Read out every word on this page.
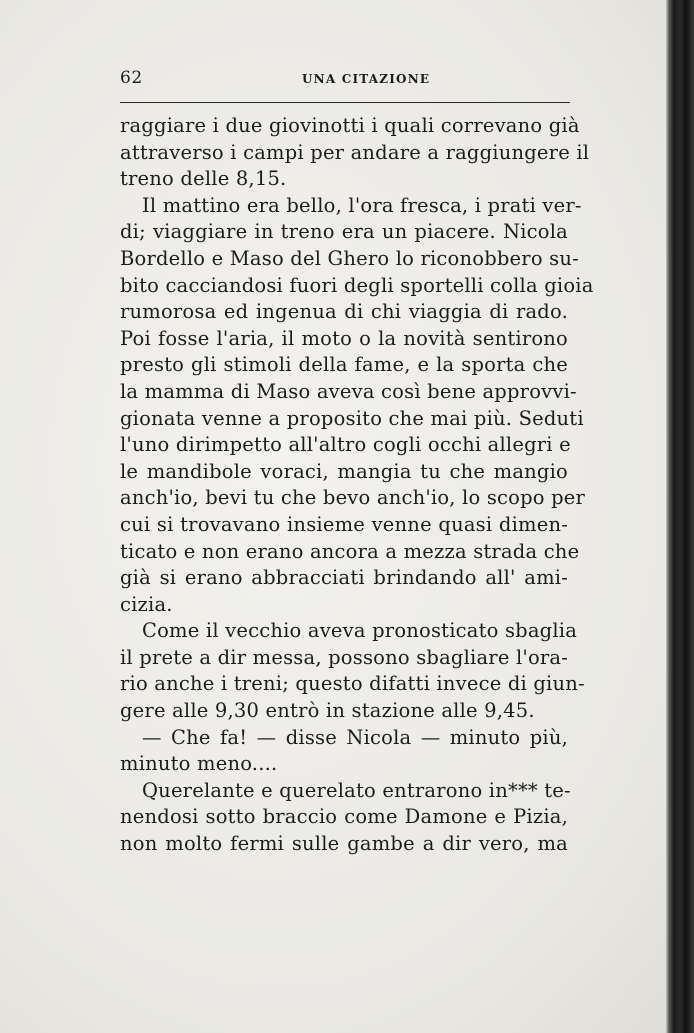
62	UNA CITAZIONE
raggiare i due giovinotti i quali correvano già
attraverso i campi per andare a raggiungere il
treno delle 8,15.
Il mattino era bello, l'ora fresca, i prati ver-
di; viaggiare in treno era un piacere. Nicola
Bordello e Maso del Ghero lo riconobbero su-
bito cacciandosi fuori degli sportelli colla gioia
rumorosa ed ingenua di chi viaggia di rado.
Poi fosse l'aria, il moto o la novità sentirono
presto gli stimoli della fame, e la sporta che
la mamma di Maso aveva così bene approvvi-
gionata venne a proposito che mai più. Seduti
l'uno dirimpetto all'altro cogli occhi allegri e
le mandibole voraci, mangia tu che mangio
anch'io, bevi tu che bevo anch'io, lo scopo per
cui si trovavano insieme venne quasi dimen-
ticato e non erano ancora a mezza strada che
già si erano abbracciati brindando all' ami-
cizia.
Come il vecchio aveva pronosticato sbaglia
il prete a dir messa, possono sbagliare l'ora-
rio anche i treni; questo difatti invece di giun-
gere alle 9,30 entrò in stazione alle 9,45.
— Che fa! — disse Nicola — minuto più,
minuto meno....
Querelante e querelato entrarono in*** te-
nendosi sotto braccio come Damone e Pizia,
non molto fermi sulle gambe a dir vero, ma
